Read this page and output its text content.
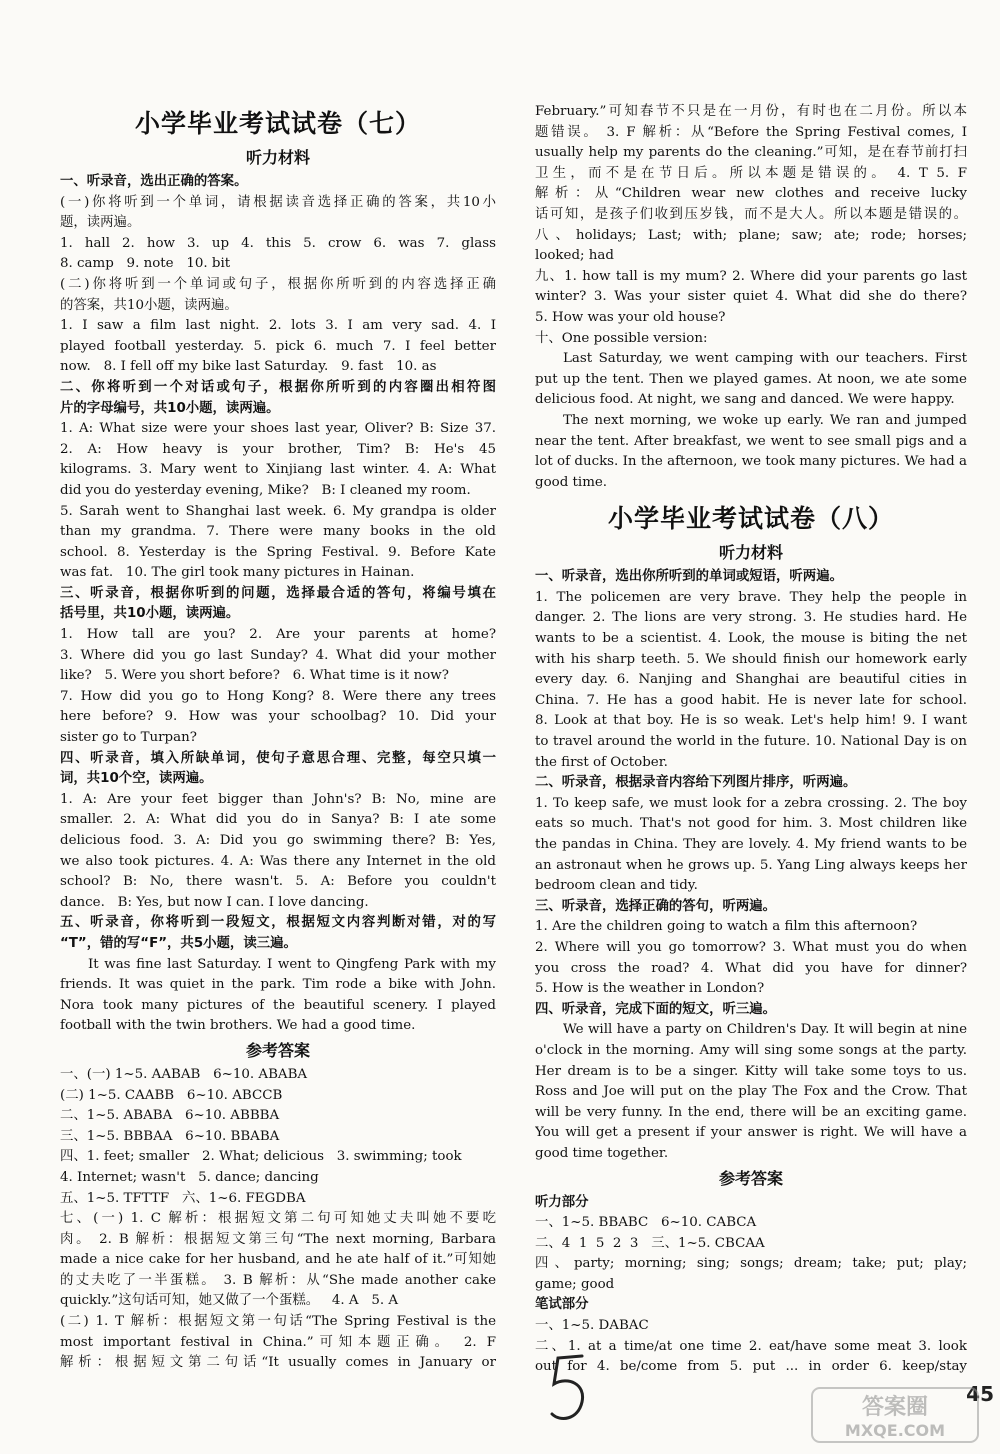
小学毕业考试试卷（七）
听力材料
一、听录音，选出正确的答案。
(一)你将听到一个单词，请根据读音选择正确的答案，共10小
题，读两遍。
1. hall 2. how 3. up 4. this 5. crow 6. was 7. glass
8. camp   9. note   10. bit
(二)你将听到一个单词或句子，根据你所听到的内容选择正确
的答案，共10小题，读两遍。
1. I saw a film last night. 2. lots 3. I am very sad. 4. I
played football yesterday. 5. pick 6. much 7. I feel better
now.   8. I fell off my bike last Saturday.   9. fast   10. as
二、你将听到一个对话或句子，根据你所听到的内容圈出相符图
片的字母编号，共10小题，读两遍。
1. A: What size were your shoes last year, Oliver? B: Size 37.
2. A: How heavy is your brother, Tim? B: He's 45
kilograms. 3. Mary went to Xinjiang last winter. 4. A: What
did you do yesterday evening, Mike?   B: I cleaned my room.
5. Sarah went to Shanghai last week. 6. My grandpa is older
than my grandma. 7. There were many books in the old
school. 8. Yesterday is the Spring Festival. 9. Before Kate
was fat.   10. The girl took many pictures in Hainan.
三、听录音，根据你听到的问题，选择最合适的答句，将编号填在
括号里，共10小题，读两遍。
1. How tall are you? 2. Are your parents at home?
3. Where did you go last Sunday? 4. What did your mother
like?   5. Were you short before?   6. What time is it now?
7. How did you go to Hong Kong? 8. Were there any trees
here before? 9. How was your schoolbag? 10. Did your
sister go to Turpan?
四、听录音，填入所缺单词，使句子意思合理、完整，每空只填一
词，共10个空，读两遍。
1. A: Are your feet bigger than John's? B: No, mine are
smaller. 2. A: What did you do in Sanya? B: I ate some
delicious food. 3. A: Did you go swimming there? B: Yes,
we also took pictures. 4. A: Was there any Internet in the old
school? B: No, there wasn't. 5. A: Before you couldn't
dance.   B: Yes, but now I can. I love dancing.
五、听录音，你将听到一段短文，根据短文内容判断对错，对的写
“T”，错的写“F”，共5小题，读三遍。
It was fine last Saturday. I went to Qingfeng Park with my
friends. It was quiet in the park. Tim rode a bike with John.
Nora took many pictures of the beautiful scenery. I played
football with the twin brothers. We had a good time.
参考答案
一、(一) 1~5. AABAB   6~10. ABABA
(二) 1~5. CAABB   6~10. ABCCB
二、1~5. ABABA   6~10. ABBBA
三、1~5. BBBAA   6~10. BBABA
四、1. feet; smaller   2. What; delicious   3. swimming; took
4. Internet; wasn't   5. dance; dancing
五、1~5. TFTTF   六、1~6. FEGDBA
七、(一) 1. C 解析：根据短文第二句可知她丈夫叫她不要吃
肉。 2. B 解析：根据短文第三句“The next morning, Barbara
made a nice cake for her husband, and he ate half of it.”可知她
的丈夫吃了一半蛋糕。 3. B 解析：从“She made another cake
quickly.”这句话可知，她又做了一个蛋糕。   4. A   5. A
(二) 1. T 解析：根据短文第一句话“The Spring Festival is the
most important festival in China.”可知本题正确。 2. F
解析：根据短文第二句话“It usually comes in January or
February.”可知春节不只是在一月份，有时也在二月份。所以本
题错误。 3. F 解析：从“Before the Spring Festival comes, I
usually help my parents do the cleaning.”可知，是在春节前打扫
卫生，而不是在节日后。所以本题是错误的。 4. T 5. F
解析：从“Children wear new clothes and receive lucky
话可知，是孩子们收到压岁钱，而不是大人。所以本题是错误的。
八、holidays; Last; with; plane; saw; ate; rode; horses;
looked; had
九、1. how tall is my mum? 2. Where did your parents go last
winter? 3. Was your sister quiet 4. What did she do there?
5. How was your old house?
十、One possible version:
Last Saturday, we went camping with our teachers. First
put up the tent. Then we played games. At noon, we ate some
delicious food. At night, we sang and danced. We were happy.
The next morning, we woke up early. We ran and jumped
near the tent. After breakfast, we went to see small pigs and a
lot of ducks. In the afternoon, we took many pictures. We had a
good time.
小学毕业考试试卷（八）
听力材料
一、听录音，选出你所听到的单词或短语，听两遍。
1. The policemen are very brave. They help the people in
danger. 2. The lions are very strong. 3. He studies hard. He
wants to be a scientist. 4. Look, the mouse is biting the net
with his sharp teeth. 5. We should finish our homework early
every day. 6. Nanjing and Shanghai are beautiful cities in
China. 7. He has a good habit. He is never late for school.
8. Look at that boy. He is so weak. Let's help him! 9. I want
to travel around the world in the future. 10. National Day is on
the first of October.
二、听录音，根据录音内容给下列图片排序，听两遍。
1. To keep safe, we must look for a zebra crossing. 2. The boy
eats so much. That's not good for him. 3. Most children like
the pandas in China. They are lovely. 4. My friend wants to be
an astronaut when he grows up. 5. Yang Ling always keeps her
bedroom clean and tidy.
三、听录音，选择正确的答句，听两遍。
1. Are the children going to watch a film this afternoon?
2. Where will you go tomorrow? 3. What must you do when
you cross the road? 4. What did you have for dinner?
5. How is the weather in London?
四、听录音，完成下面的短文，听三遍。
We will have a party on Children's Day. It will begin at nine
o'clock in the morning. Amy will sing some songs at the party.
Her dream is to be a singer. Kitty will take some toys to us.
Ross and Joe will put on the play The Fox and the Crow. That
will be very funny. In the end, there will be an exciting game.
You will get a present if your answer is right. We will have a
good time together.
参考答案
听力部分
一、1~5. BBABC   6~10. CABCA
二、4  1  5  2  3   三、1~5. CBCAA
四、party; morning; sing; songs; dream; take; put; play;
game; good
笔试部分
一、1~5. DABAC
二、1. at a time/at one time 2. eat/have some meat 3. look
out for 4. be/come from 5. put ... in order 6. keep/stay
45
答案圈
MXQE.COM
